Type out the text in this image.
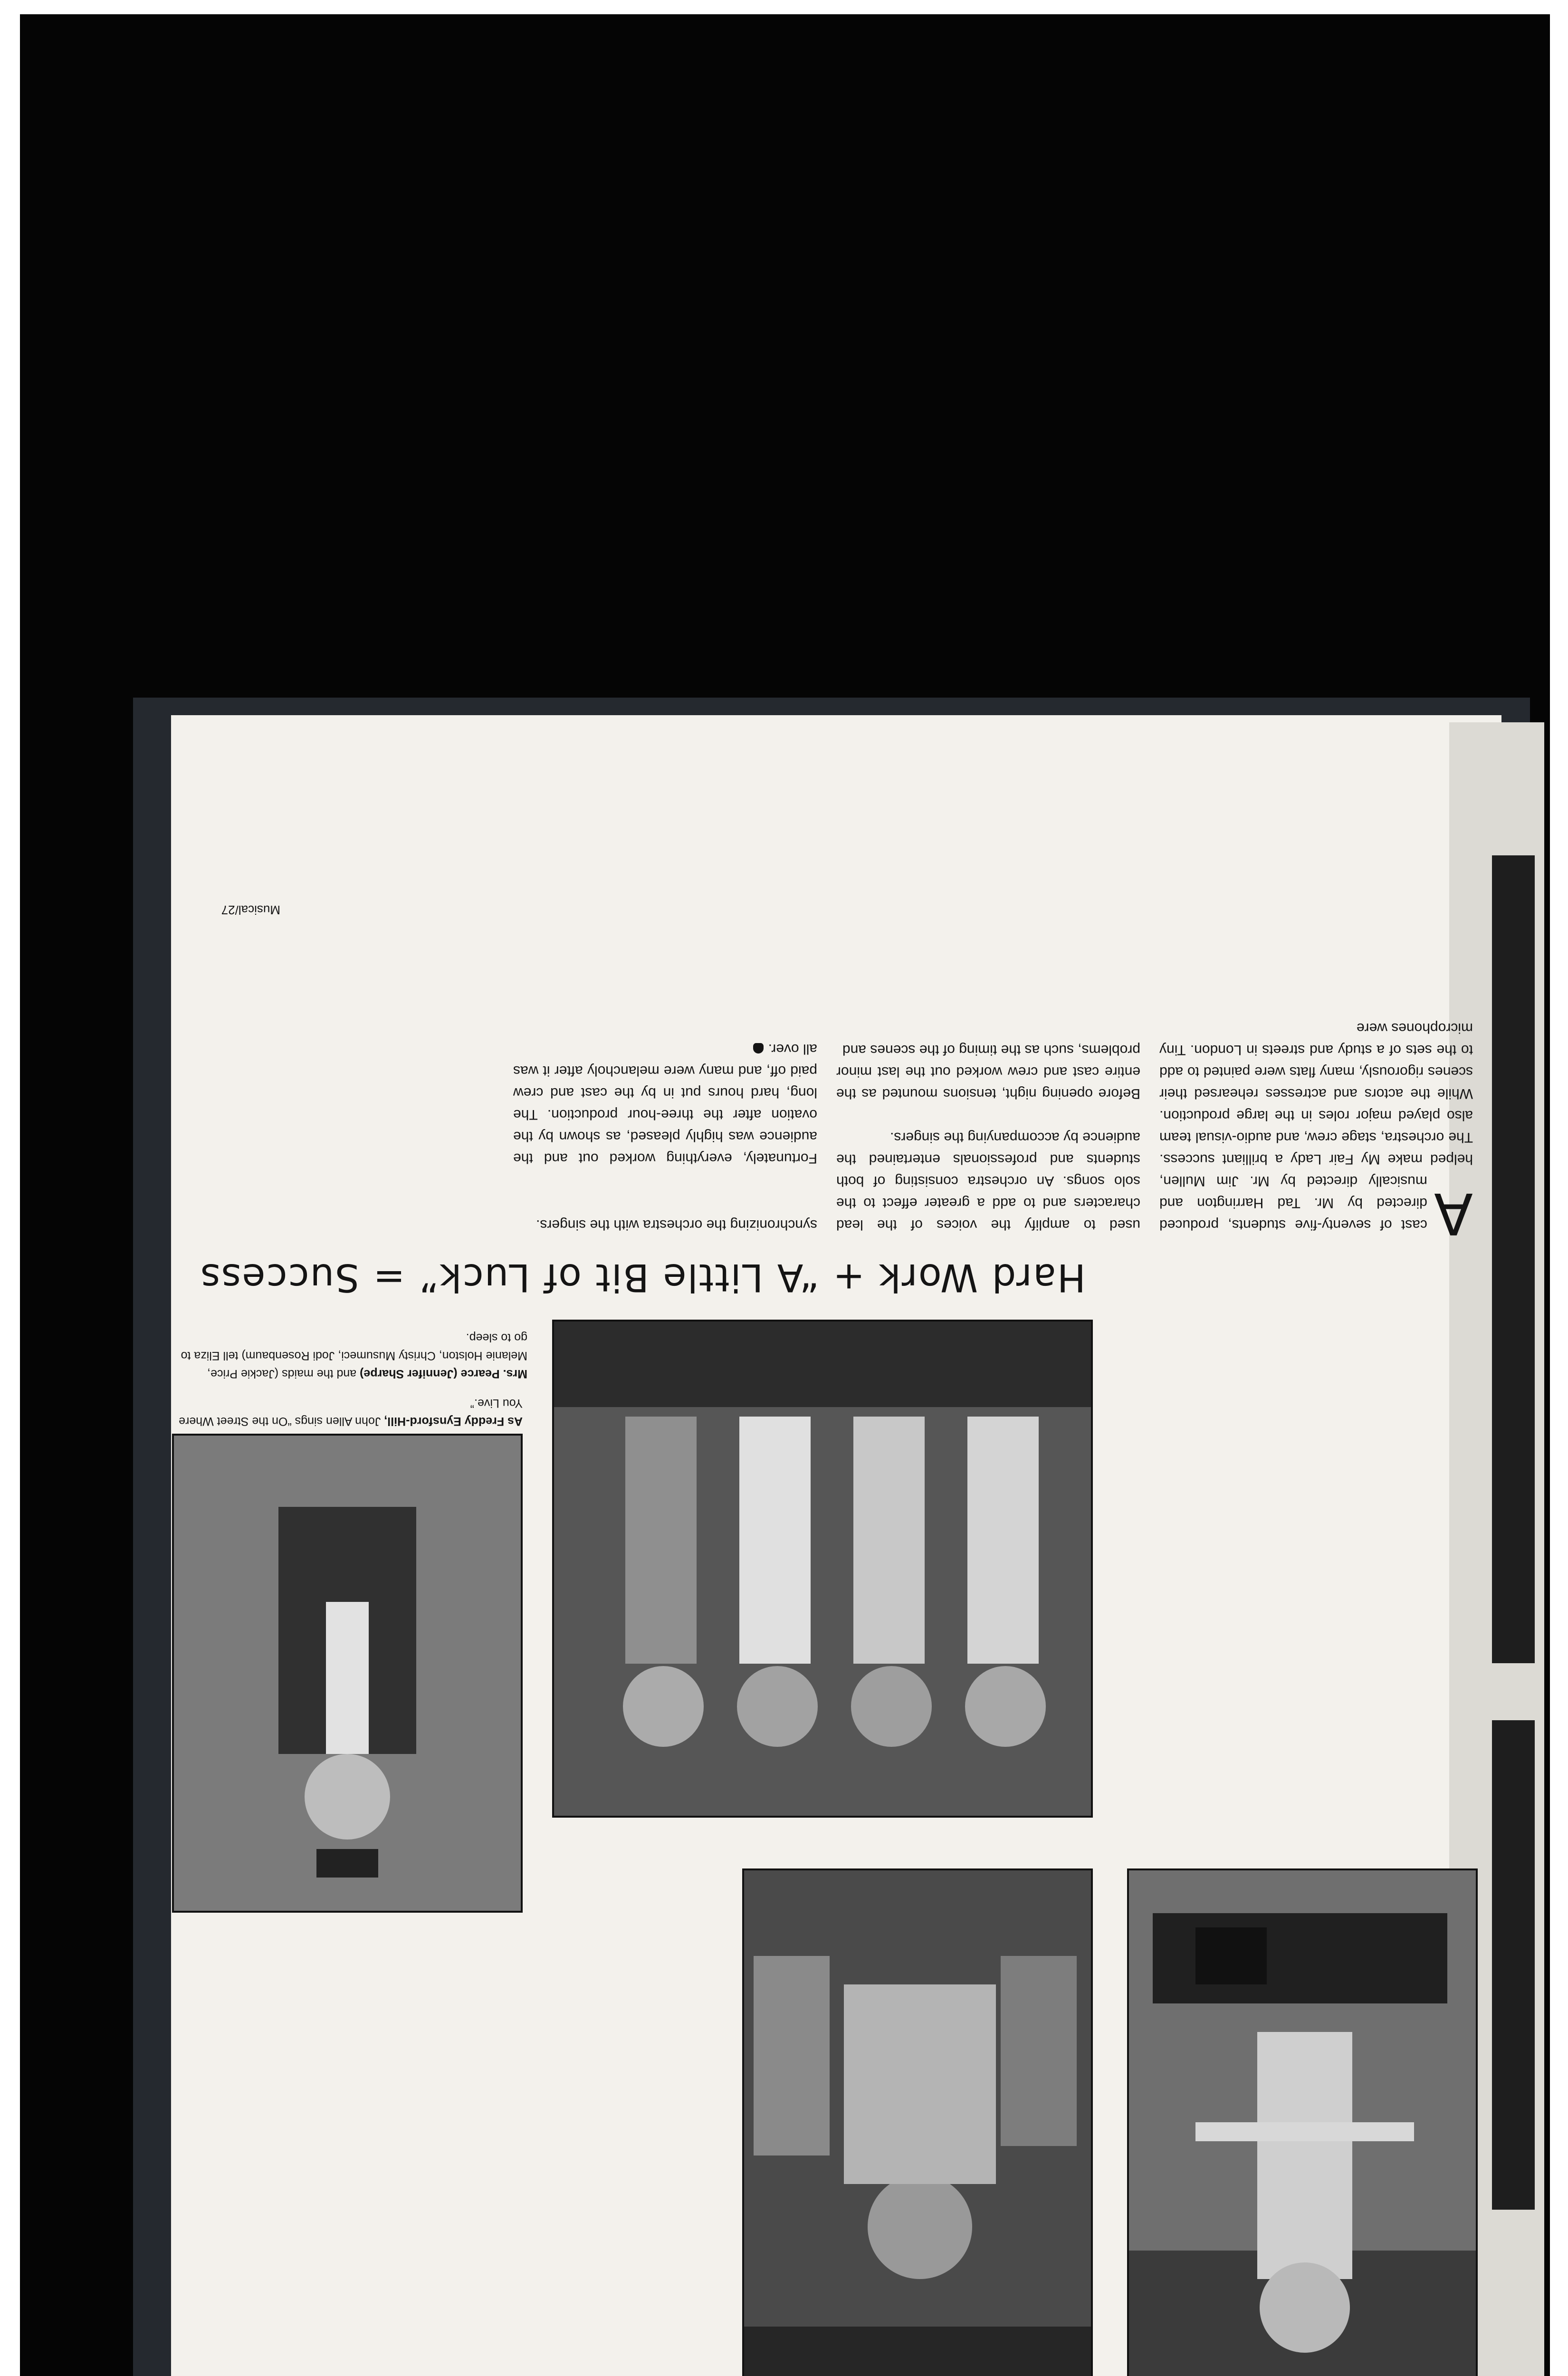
As Freddy Eynsford-Hill, John Allen sings “On the Street Where You Live.”
Mrs. Pearce (Jennifer Sharpe) and the maids (Jackie Price, Melanie Holston, Christy Musumeci, Jodi Rosenbaum) tell Eliza to go to sleep.
Hard Work + “A Little Bit of Luck” = Success
A
cast of seventy-five students, produced directed by Mr. Tad Harrington and musically directed by Mr. Jim Mullen, helped make My Fair Lady a brilliant success. The orchestra, stage crew, and audio-visual team also played major roles in the large production. While the actors and actresses rehearsed their scenes rigorously, many flats were painted to add to the sets of a study and streets in London. Tiny microphones were
used to amplify the voices of the lead characters and to add a greater effect to the solo songs. An orchestra consisting of both students and professionals entertained the audience by accompanying the singers.

Before opening night, tensions mounted as the entire cast and crew worked out the last minor problems, such as the timing of the scenes and
synchronizing the orchestra with the singers.
Fortunately, everything worked out and the audience was highly pleased, as shown by the ovation after the three-hour production. The long, hard hours put in by the cast and crew paid off, and many were melancholy after it was all over.
Musical/27
